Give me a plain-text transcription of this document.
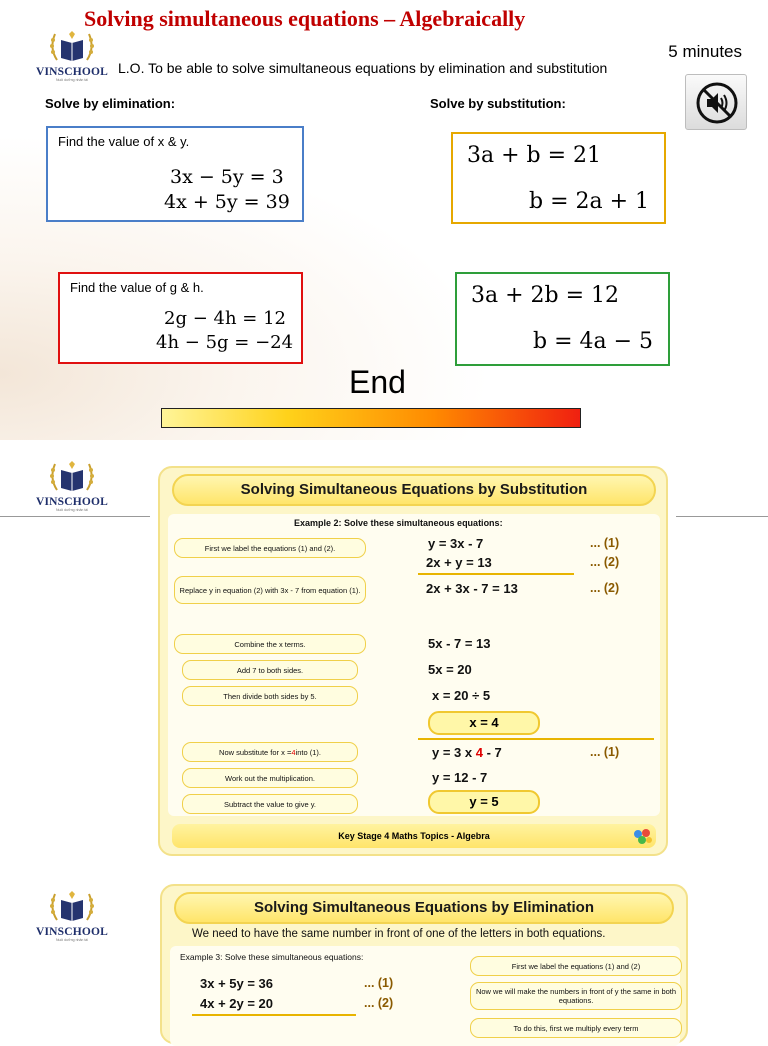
VINSCHOOL
Nuôi dưỡng nhân tài
Solving simultaneous equations – Algebraically
5 minutes
L.O. To be able to solve simultaneous equations by elimination and substitution
Solve by elimination:	Solve by substitution:
Find the value of x & y.
3x − 5y = 3
4x + 5y = 39
3a + b = 21
b = 2a + 1
Find the value of g & h.
2g − 4h = 12
4h − 5g = −24
3a + 2b = 12
b = 4a − 5
End
VINSCHOOL
Nuôi dưỡng nhân tài
Solving Simultaneous Equations by Substitution
Example 2: Solve these simultaneous equations:
First we label the equations (1) and (2).
Replace y in equation (2) with 3x - 7 from equation (1).
Combine the x terms.
Add 7 to both sides.
Then divide both sides by 5.
Now substitute for x = 4 into (1).
Work out the multiplication.
Subtract the value to give y.
y = 3x - 7
2x + y = 13
2x + 3x - 7 = 13
5x - 7 = 13
5x = 20
x = 20 ÷ 5
x = 4
y = 3 x 4 - 7
y = 12 - 7
y = 5
... (1)
... (2)
... (2)
... (1)
Key Stage 4 Maths Topics - Algebra
VINSCHOOL
Nuôi dưỡng nhân tài
Solving Simultaneous Equations by Elimination
We need to have the same number in front of one of the letters in both equations.
Example 3: Solve these simultaneous equations:
3x + 5y = 36
4x + 2y = 20
... (1)
... (2)
First we label the equations (1) and (2)
Now we will make the numbers in front of y the same in both equations.
To do this, first we multiply every term
